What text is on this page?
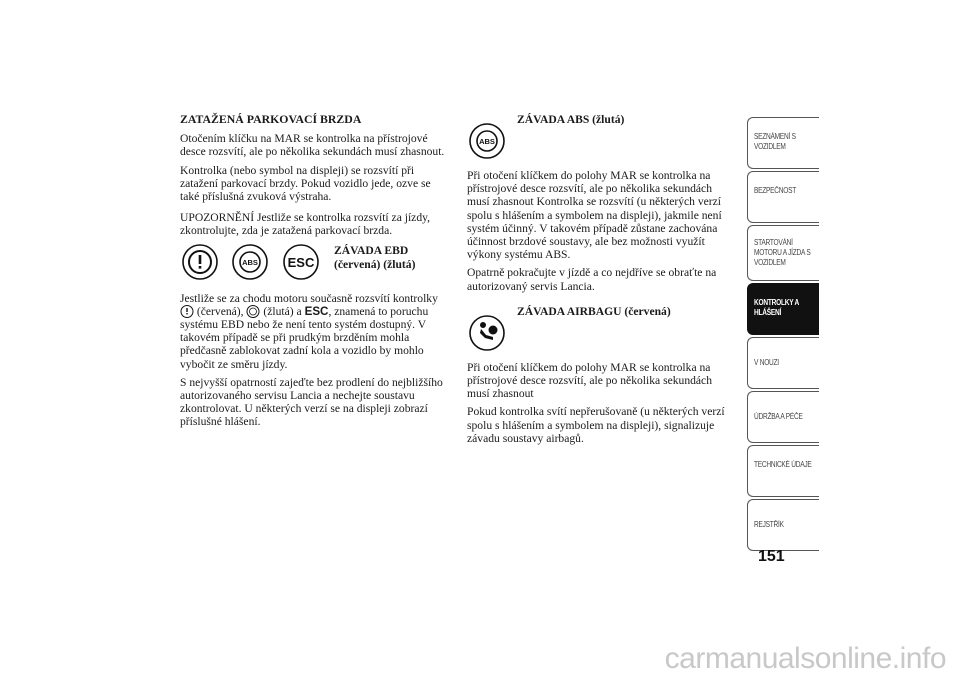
ZATAŽENÁ PARKOVACÍ BRZDA

Otočením klíčku na MAR se kontrolka na přístrojové desce rozsvítí, ale po několika sekundách musí zhasnout.

Kontrolka (nebo symbol na displeji) se rozsvítí při zatažení parkovací brzdy. Pokud vozidlo jede, ozve se také příslušná zvuková výstraha.

UPOZORNĚNÍ Jestliže se kontrolka rozsvítí za jízdy, zkontrolujte, zda je zatažená parkovací brzda.

ABS ESC
ZÁVADA EBD
(červená) (žlutá)

Jestliže se za chodu motoru současně rozsvítí kontrolky  (červená), (žlutá) a ESC, znamená to poruchu systému EBD nebo že není tento systém dostupný. V takovém případě se při prudkým brzděním mohla předčasně zablokovat zadní kola a vozidlo by mohlo vybočit ze směru jízdy.

S nejvyšší opatrností zajeďte bez prodlení do nejbližšího autorizovaného servisu Lancia a nechejte soustavu zkontrolovat. U některých verzí se na displeji zobrazí příslušné hlášení.

ABS
ZÁVADA ABS (žlutá)

Při otočení klíčkem do polohy MAR se kontrolka na přístrojové desce rozsvítí, ale po několika sekundách musí zhasnout Kontrolka se rozsvítí (u některých verzí spolu s hlášením a symbolem na displeji), jakmile není systém účinný. V takovém případě zůstane zachována účinnost brzdové soustavy, ale bez možnosti využít výkony systému ABS.

Opatrně pokračujte v jízdě a co nejdříve se obraťte na autorizovaný servis Lancia.

ZÁVADA AIRBAGU (červená)

Při otočení klíčkem do polohy MAR se kontrolka na přístrojové desce rozsvítí, ale po několika sekundách musí zhasnout

Pokud kontrolka svítí nepřerušovaně (u některých verzí spolu s hlášením a symbolem na displeji), signalizuje závadu soustavy airbagů.

SEZNÁMENÍ S VOZIDLEM
BEZPEČNOST
STARTOVÁNÍ MOTORU A JÍZDA S VOZIDLEM
KONTROLKY A HLÁŠENÍ
V NOUZI
ÚDRŽBA A PÉČE
TECHNICKÉ ÚDAJE
REJSTŘÍK
151
carmanualsonline.info
